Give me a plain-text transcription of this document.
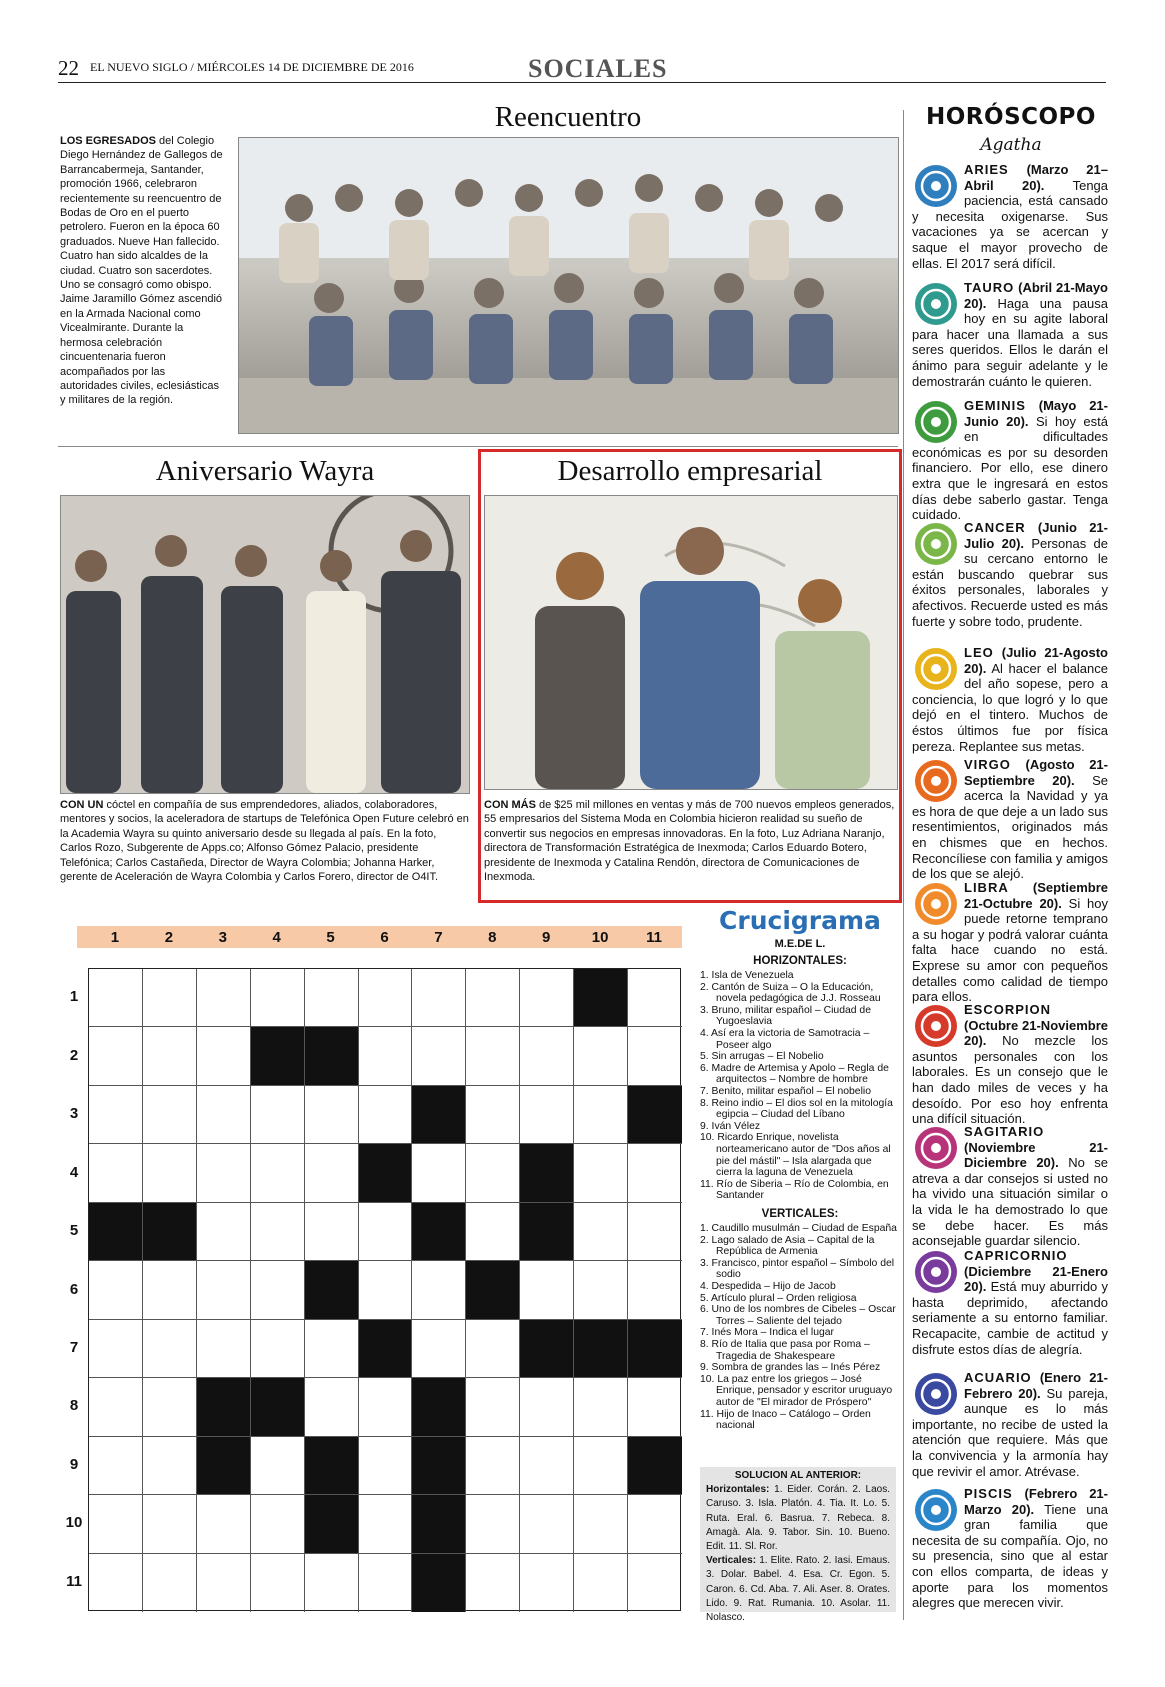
22 EL NUEVO SIGLO / MIÉRCOLES 14 DE DICIEMBRE DE 2016	SOCIALES
Reencuentro
LOS EGRESADOS del Colegio Diego Hernández de Gallegos de Barrancabermeja, Santander, promoción 1966, celebraron recientemente su reencuentro de Bodas de Oro en el puerto petrolero. Fueron en la época 60 graduados. Nueve Han fallecido. Cuatro han sido alcaldes de la ciudad. Cuatro son sacerdotes. Uno se consagró como obispo. Jaime Jaramillo Gómez ascendió en la Armada Nacional como Vicealmirante. Durante la hermosa celebración cincuentenaria fueron acompañados por las autoridades civiles, eclesiásticas y militares de la región.
Aniversario Wayra
CON UN cóctel en compañía de sus emprendedores, aliados, colaboradores, mentores y socios, la aceleradora de startups de Telefónica Open Future celebró en la Academia Wayra su quinto aniversario desde su llegada al país. En la foto, Carlos Rozo, Subgerente de Apps.co; Alfonso Gómez Palacio, presidente Telefónica; Carlos Castañeda, Director de Wayra Colombia; Johanna Harker, gerente de Aceleración de Wayra Colombia y Carlos Forero, director de O4IT.
Desarrollo empresarial
CON MÁS de $25 mil millones en ventas y más de 700 nuevos empleos generados, 55 empresarios del Sistema Moda en Colombia hicieron realidad su sueño de convertir sus negocios en empresas innovadoras. En la foto, Luz Adriana Naranjo, directora de Transformación Estratégica de Inexmoda; Carlos Eduardo Botero, presidente de Inexmoda y Catalina Rendón, directora de Comunicaciones de Inexmoda.
HORÓSCOPO
Agatha
ARIES (Marzo 21–Abril 20). Tenga paciencia, está cansado y necesita oxigenarse. Sus vacaciones ya se acercan y saque el mayor provecho de ellas. El 2017 será difícil.
TAURO (Abril 21-Mayo 20). Haga una pausa hoy en su agite laboral para hacer una llamada a sus seres queridos. Ellos le darán el ánimo para seguir adelante y le demostrarán cuánto le quieren.
GEMINIS (Mayo 21-Junio 20). Si hoy está en dificultades económicas es por su desorden financiero. Por ello, ese dinero extra que le ingresará en estos días debe saberlo gastar. Tenga cuidado.
CANCER (Junio 21-Julio 20). Personas de su cercano entorno le están buscando quebrar sus éxitos personales, laborales y afectivos. Recuerde usted es más fuerte y sobre todo, prudente.
LEO (Julio 21-Agosto 20). Al hacer el balance del año sopese, pero a conciencia, lo que logró y lo que dejó en el tintero. Muchos de éstos últimos fue por física pereza. Replantee sus metas.
VIRGO (Agosto 21-Septiembre 20). Se acerca la Navidad y ya es hora de que deje a un lado sus resentimientos, originados más en chismes que en hechos. Reconcíliese con familia y amigos de los que se alejó.
LIBRA (Septiembre 21-Octubre 20). Si hoy puede retorne temprano a su hogar y podrá valorar cuánta falta hace cuando no está. Exprese su amor con pequeños detalles como calidad de tiempo para ellos.
ESCORPION (Octubre 21-Noviembre 20). No mezcle los asuntos personales con los laborales. Es un consejo que le han dado miles de veces y ha desoído. Por eso hoy enfrenta una difícil situación.
SAGITARIO (Noviembre 21-Diciembre 20). No se atreva a dar consejos si usted no ha vivido una situación similar o la vida le ha demostrado lo que se debe hacer. Es más aconsejable guardar silencio.
CAPRICORNIO (Diciembre 21-Enero 20). Está muy aburrido y hasta deprimido, afectando seriamente a su entorno familiar. Recapacite, cambie de actitud y disfrute estos días de alegría.
ACUARIO (Enero 21-Febrero 20). Su pareja, aunque es lo más importante, no recibe de usted la atención que requiere. Más que la convivencia y la armonía hay que revivir el amor. Atrévase.
PISCIS (Febrero 21-Marzo 20). Tiene una gran familia que necesita de su compañía. Ojo, no su presencia, sino que al estar con ellos comparta, de ideas y aporte para los momentos alegres que merecen vivir.
1	2	3	4	5	6	7	8	9	10	11
1
2
3
4
5
6
7
8
9
10
11
Crucigrama
M.E.DE L.
HORIZONTALES:
1. Isla de Venezuela
2. Cantón de Suiza – O la Educación, novela pedagógica de J.J. Rosseau
3. Bruno, militar español – Ciudad de Yugoeslavia
4. Así era la victoria de Samotracia – Poseer algo
5. Sin arrugas – El Nobelio
6. Madre de Artemisa y Apolo – Regla de arquitectos – Nombre de hombre
7. Benito, militar español – El nobelio
8. Reino indio – El dios sol en la mitología egipcia – Ciudad del Líbano
9. Iván Vélez
10. Ricardo Enrique, novelista norteamericano autor de "Dos años al pie del mástil" – Isla alargada que cierra la laguna de Venezuela
11. Río de Siberia – Río de Colombia, en Santander
VERTICALES:
1. Caudillo musulmán – Ciudad de España
2. Lago salado de Asia – Capital de la República de Armenia
3. Francisco, pintor español – Símbolo del sodio
4. Despedida – Hijo de Jacob
5. Artículo plural – Orden religiosa
6. Uno de los nombres de Cibeles – Oscar Torres – Saliente del tejado
7. Inés Mora – Indica el lugar
8. Río de Italia que pasa por Roma – Tragedia de Shakespeare
9. Sombra de grandes las – Inés Pérez
10. La paz entre los griegos – José Enrique, pensador y escritor uruguayo autor de "El mirador de Próspero"
11. Hijo de Inaco – Catálogo – Orden nacional
SOLUCION AL ANTERIOR:
Horizontales: 1. Eider. Corán. 2. Laos. Caruso. 3. Isla. Platón. 4. Tia. It. Lo. 5. Ruta. Eral. 6. Basrua. 7. Rebeca. 8. Amagà. Ala. 9. Tabor. Sin. 10. Bueno. Edit. 11. Sl. Ror.
Verticales: 1. Elite. Rato. 2. Iasi. Emaus. 3. Dolar. Babel. 4. Esa. Cr. Egon. 5. Caron. 6. Cd. Aba. 7. Ali. Aser. 8. Orates. Lido. 9. Rat. Rumania. 10. Asolar. 11. Nolasco.
